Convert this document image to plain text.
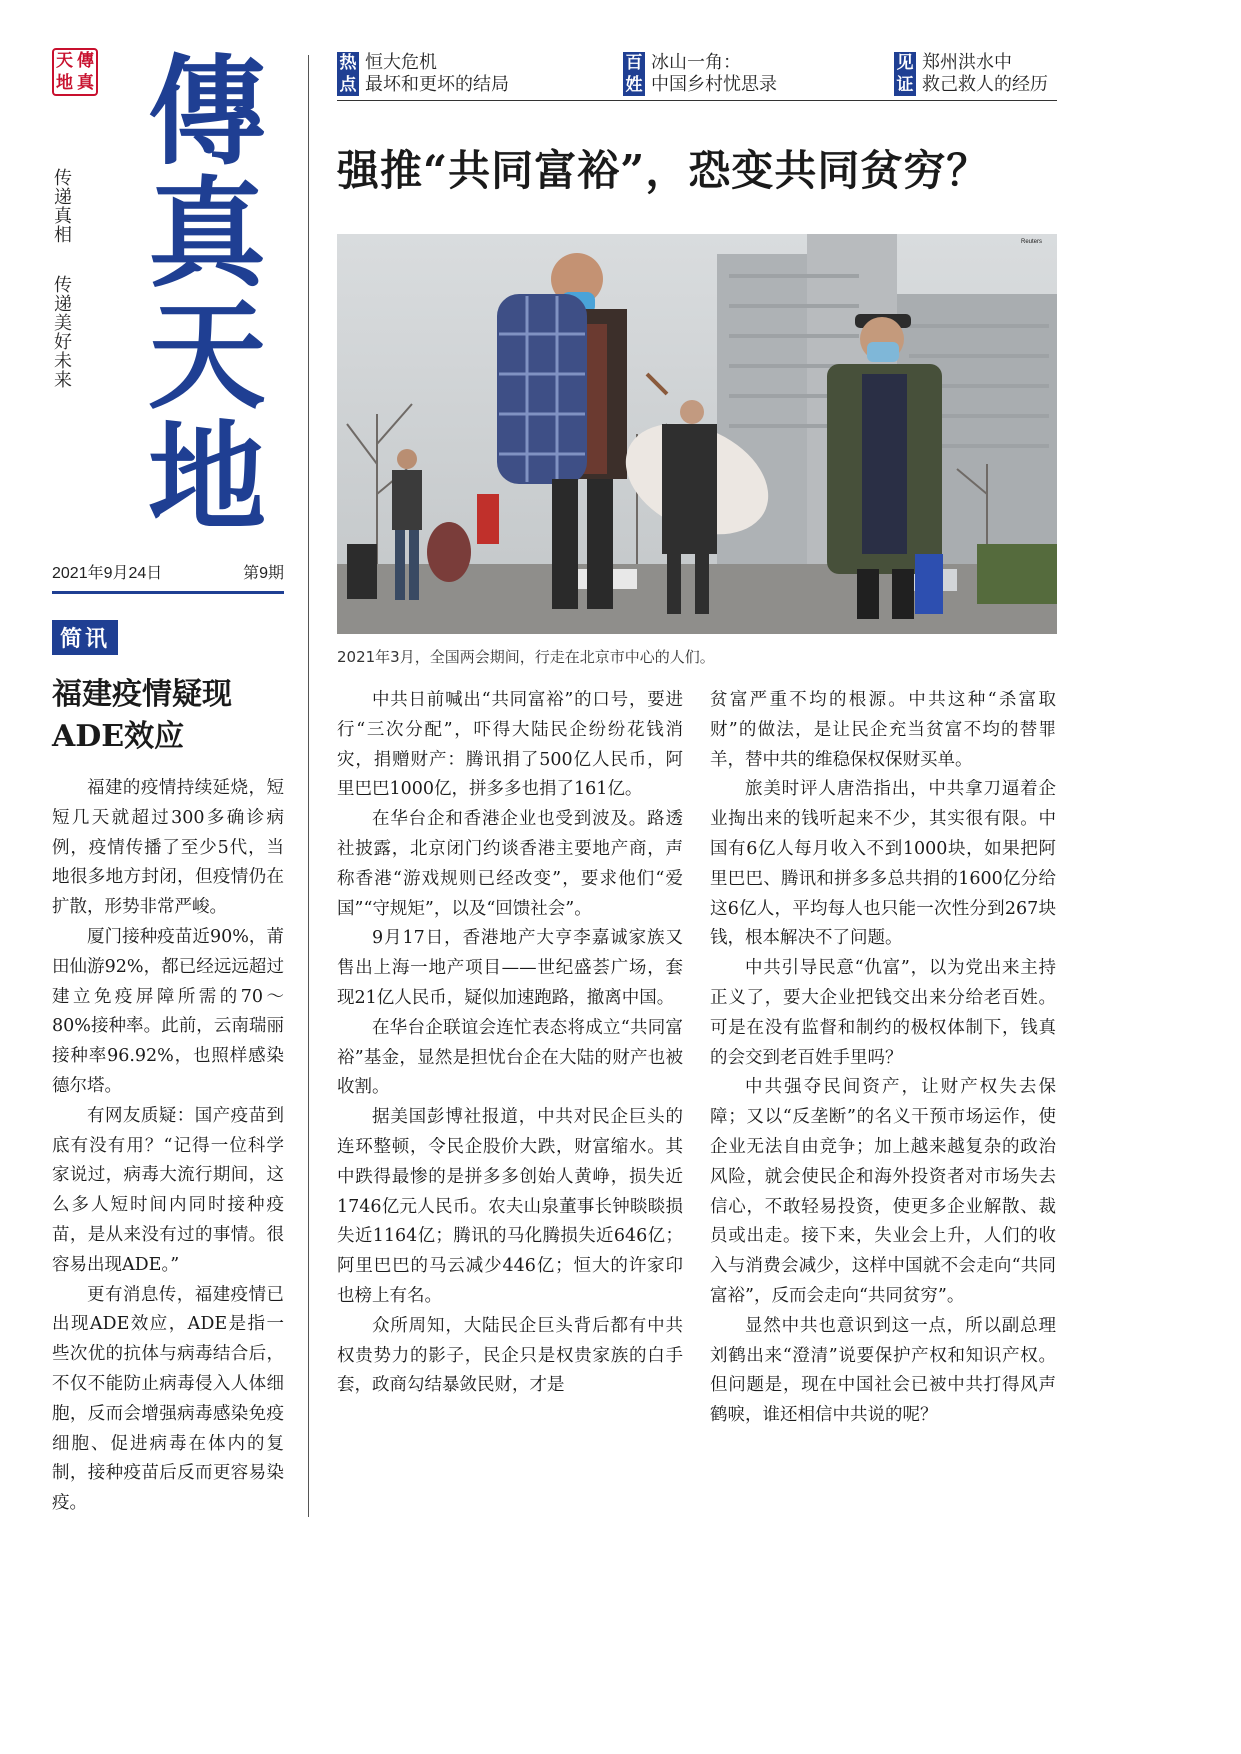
天 傳
地 真
传递真相  传递美好未来
傳
真
天
地
2021年9月24日	第9期
简讯
福建疫情疑现ADE效应

福建的疫情持续延烧，短短几天就超过300多确诊病例，疫情传播了至少5代，当地很多地方封闭，但疫情仍在扩散，形势非常严峻。

厦门接种疫苗近90%，莆田仙游92%，都已经远远超过建立免疫屏障所需的70～80%接种率。此前，云南瑞丽接种率96.92%，也照样感染德尔塔。

有网友质疑：国产疫苗到底有没有用？“记得一位科学家说过，病毒大流行期间，这么多人短时间内同时接种疫苗，是从来没有过的事情。很容易出现ADE。”

更有消息传，福建疫情已出现ADE效应，ADE是指一些次优的抗体与病毒结合后，不仅不能防止病毒侵入人体细胞，反而会增强病毒感染免疫细胞、促进病毒在体内的复制，接种疫苗后反而更容易染疫。

热
点
恒大危机
最坏和更坏的结局
百
姓
冰山一角：
中国乡村忧思录
见
证
郑州洪水中
救己救人的经历
强推“共同富裕”，恐变共同贫穷？
Reuters
2021年3月，全国两会期间，行走在北京市中心的人们。

中共日前喊出“共同富裕”的口号，要进行“三次分配”，吓得大陆民企纷纷花钱消灾，捐赠财产：腾讯捐了500亿人民币，阿里巴巴1000亿，拼多多也捐了161亿。

在华台企和香港企业也受到波及。路透社披露，北京闭门约谈香港主要地产商，声称香港“游戏规则已经改变”，要求他们“爱国”“守规矩”，以及“回馈社会”。

9月17日，香港地产大亨李嘉诚家族又售出上海一地产项目——世纪盛荟广场，套现21亿人民币，疑似加速跑路，撤离中国。

在华台企联谊会连忙表态将成立“共同富裕”基金，显然是担忧台企在大陆的财产也被收割。

据美国彭博社报道，中共对民企巨头的连环整顿，令民企股价大跌，财富缩水。其中跌得最惨的是拼多多创始人黄峥，损失近1746亿元人民币。农夫山泉董事长钟睒睒损失近1164亿；腾讯的马化腾损失近646亿；阿里巴巴的马云减少446亿；恒大的许家印也榜上有名。

众所周知，大陆民企巨头背后都有中共权贵势力的影子，民企只是权贵家族的白手套，政商勾结暴敛民财，才是

贫富严重不均的根源。中共这种“杀富取财”的做法，是让民企充当贫富不均的替罪羊，替中共的维稳保权保财买单。

旅美时评人唐浩指出，中共拿刀逼着企业掏出来的钱听起来不少，其实很有限。中国有6亿人每月收入不到1000块，如果把阿里巴巴、腾讯和拼多多总共捐的1600亿分给这6亿人，平均每人也只能一次性分到267块钱，根本解决不了问题。

中共引导民意“仇富”，以为党出来主持正义了，要大企业把钱交出来分给老百姓。可是在没有监督和制约的极权体制下，钱真的会交到老百姓手里吗？

中共强夺民间资产，让财产权失去保障；又以“反垄断”的名义干预市场运作，使企业无法自由竞争；加上越来越复杂的政治风险，就会使民企和海外投资者对市场失去信心，不敢轻易投资，使更多企业解散、裁员或出走。接下来，失业会上升，人们的收入与消费会减少，这样中国就不会走向“共同富裕”，反而会走向“共同贫穷”。

显然中共也意识到这一点，所以副总理刘鹤出来“澄清”说要保护产权和知识产权。但问题是，现在中国社会已被中共打得风声鹤唳，谁还相信中共说的呢？
